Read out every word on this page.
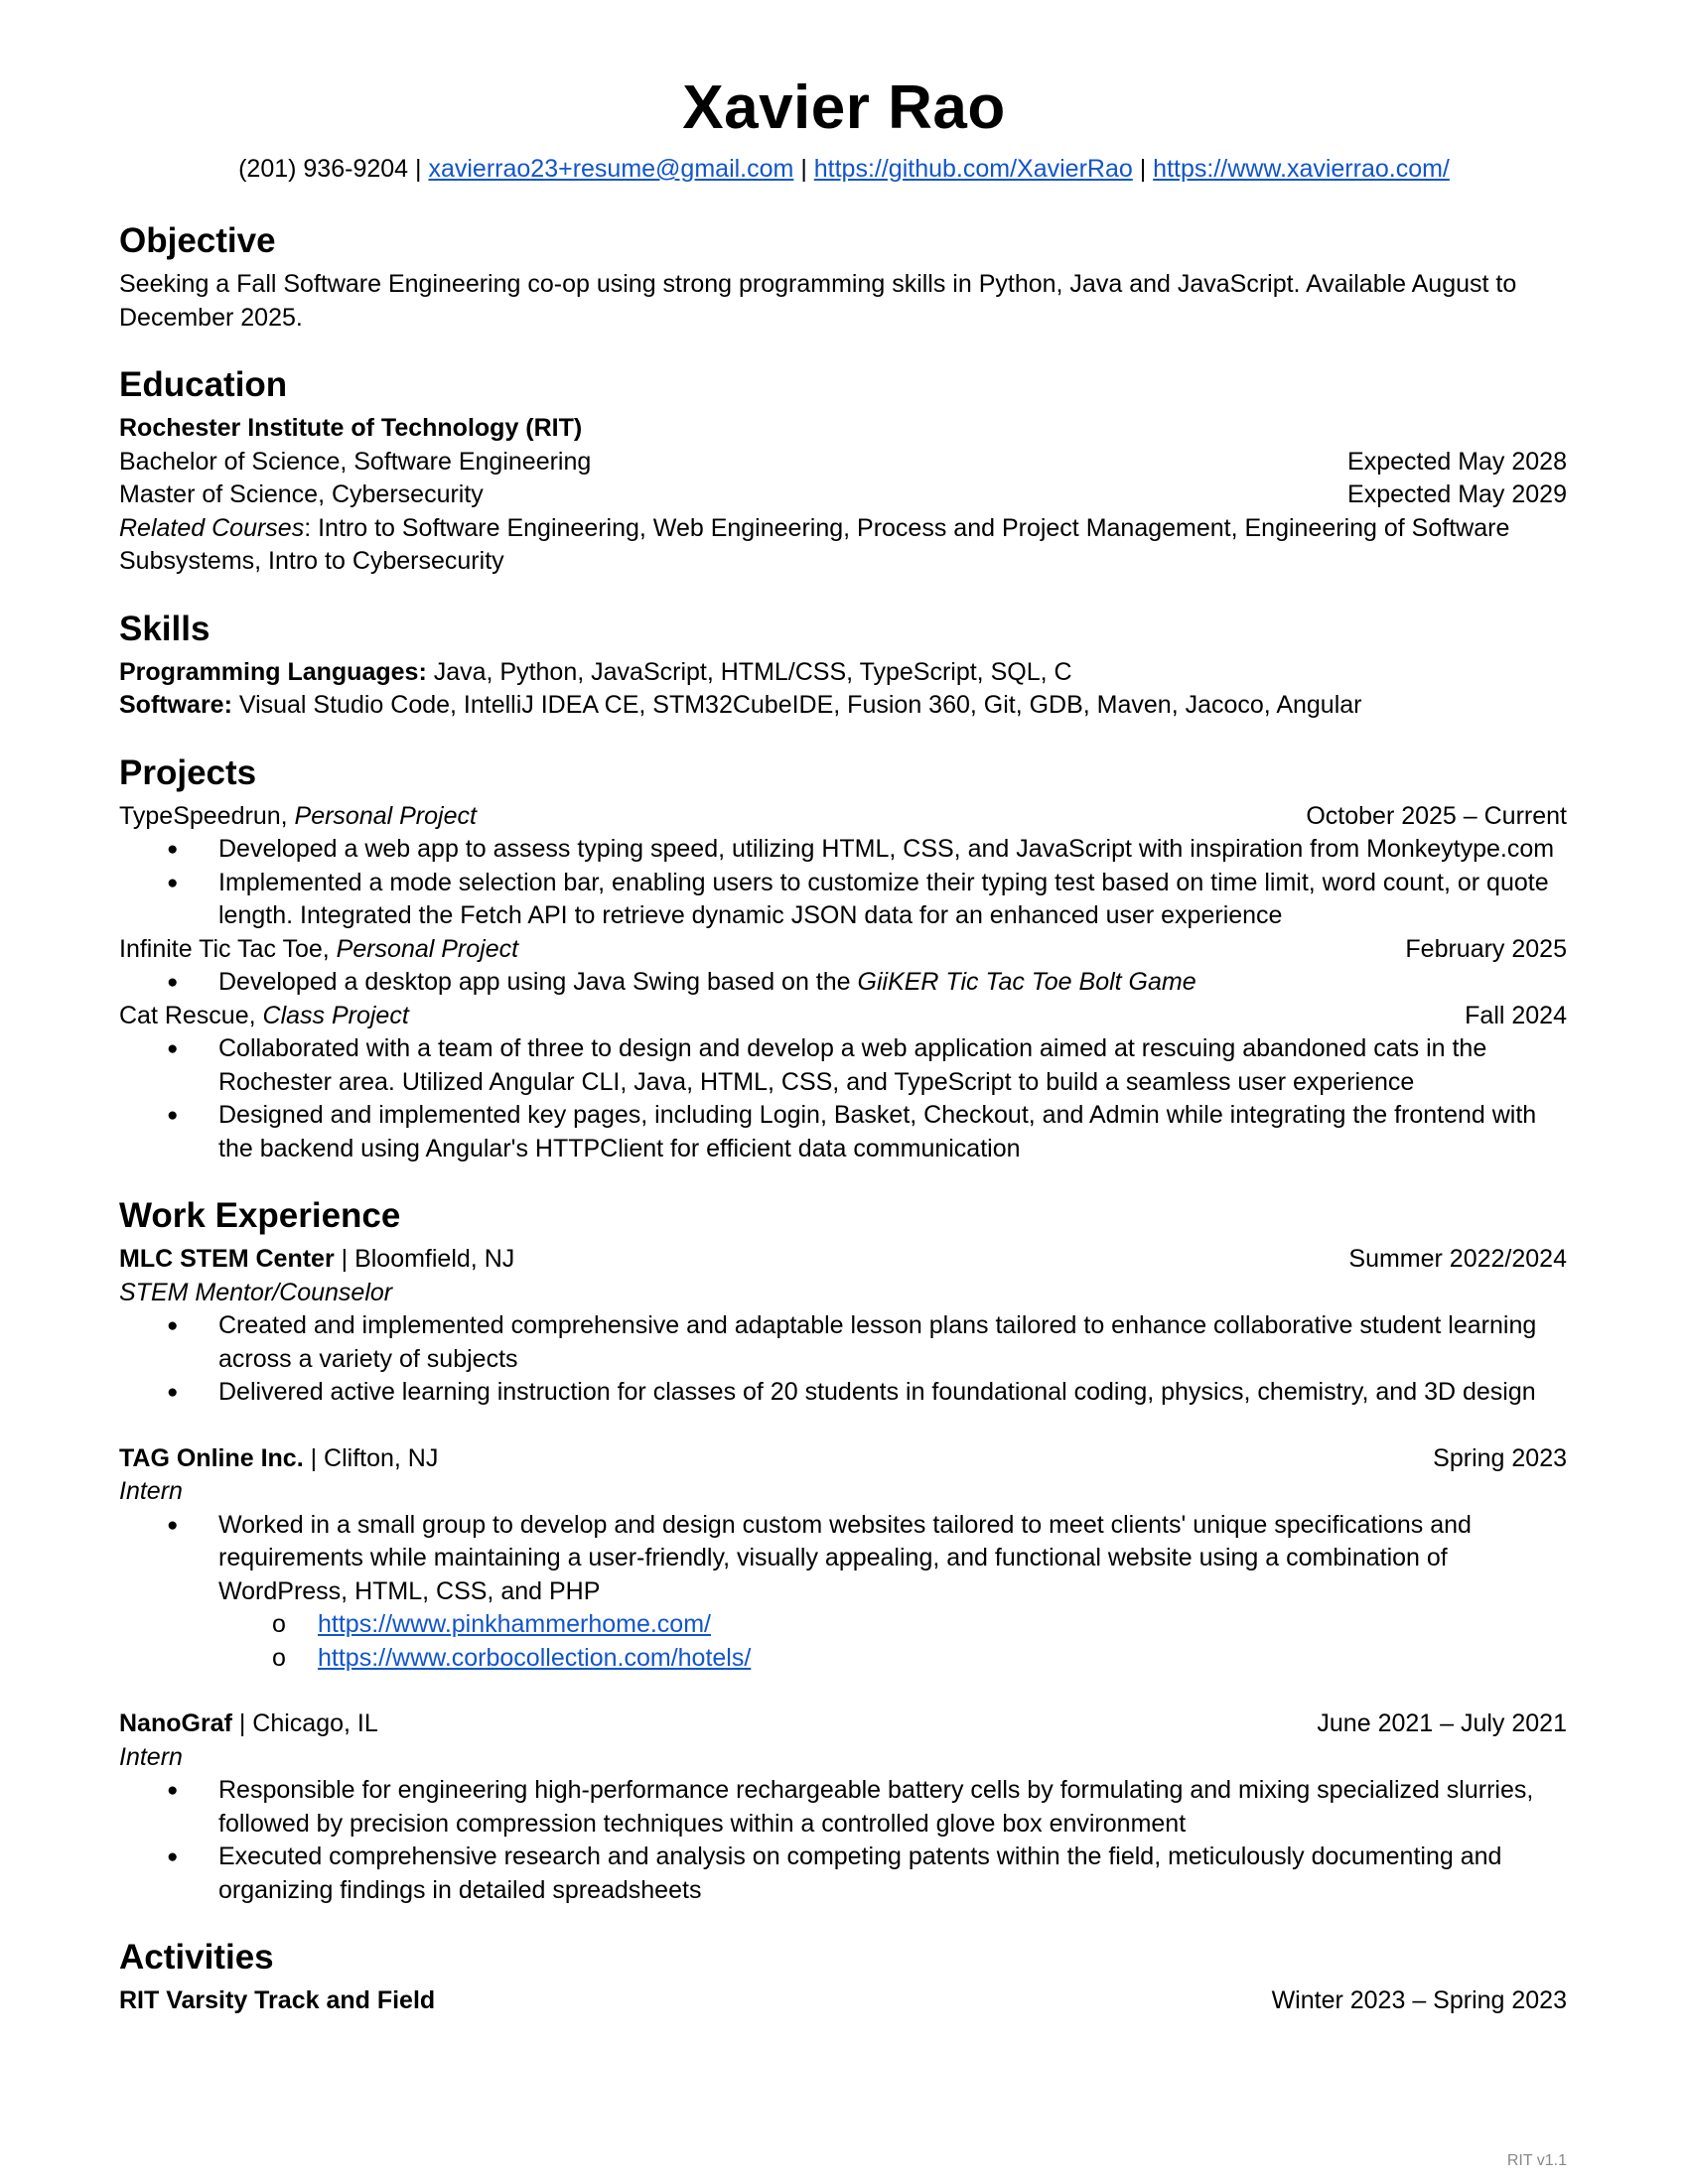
Xavier Rao
(201) 936-9204 | xavierrao23+resume@gmail.com | https://github.com/XavierRao | https://www.xavierrao.com/
Objective
Seeking a Fall Software Engineering co-op using strong programming skills in Python, Java and JavaScript. Available August to December 2025.
Education
Rochester Institute of Technology (RIT)
Bachelor of Science, Software Engineering	Expected May 2028
Master of Science, Cybersecurity	Expected May 2029
Related Courses: Intro to Software Engineering, Web Engineering, Process and Project Management, Engineering of Software Subsystems, Intro to Cybersecurity
Skills
Programming Languages: Java, Python, JavaScript, HTML/CSS, TypeScript, SQL, C
Software: Visual Studio Code, IntelliJ IDEA CE, STM32CubeIDE, Fusion 360, Git, GDB, Maven, Jacoco, Angular
Projects
TypeSpeedrun, Personal Project	October 2025 – Current
● Developed a web app to assess typing speed, utilizing HTML, CSS, and JavaScript with inspiration from Monkeytype.com
● Implemented a mode selection bar, enabling users to customize their typing test based on time limit, word count, or quote length. Integrated the Fetch API to retrieve dynamic JSON data for an enhanced user experience
Infinite Tic Tac Toe, Personal Project	February 2025
● Developed a desktop app using Java Swing based on the GiiKER Tic Tac Toe Bolt Game
Cat Rescue, Class Project	Fall 2024
● Collaborated with a team of three to design and develop a web application aimed at rescuing abandoned cats in the Rochester area. Utilized Angular CLI, Java, HTML, CSS, and TypeScript to build a seamless user experience
● Designed and implemented key pages, including Login, Basket, Checkout, and Admin while integrating the frontend with the backend using Angular's HTTPClient for efficient data communication
Work Experience
MLC STEM Center | Bloomfield, NJ	Summer 2022/2024
STEM Mentor/Counselor
● Created and implemented comprehensive and adaptable lesson plans tailored to enhance collaborative student learning across a variety of subjects
● Delivered active learning instruction for classes of 20 students in foundational coding, physics, chemistry, and 3D design
TAG Online Inc. | Clifton, NJ	Spring 2023
Intern
● Worked in a small group to develop and design custom websites tailored to meet clients' unique specifications and requirements while maintaining a user-friendly, visually appealing, and functional website using a combination of WordPress, HTML, CSS, and PHP
o https://www.pinkhammerhome.com/
o https://www.corbocollection.com/hotels/
NanoGraf | Chicago, IL	June 2021 – July 2021
Intern
● Responsible for engineering high-performance rechargeable battery cells by formulating and mixing specialized slurries, followed by precision compression techniques within a controlled glove box environment
● Executed comprehensive research and analysis on competing patents within the field, meticulously documenting and organizing findings in detailed spreadsheets
Activities
RIT Varsity Track and Field	Winter 2023 – Spring 2023
RIT v1.1
